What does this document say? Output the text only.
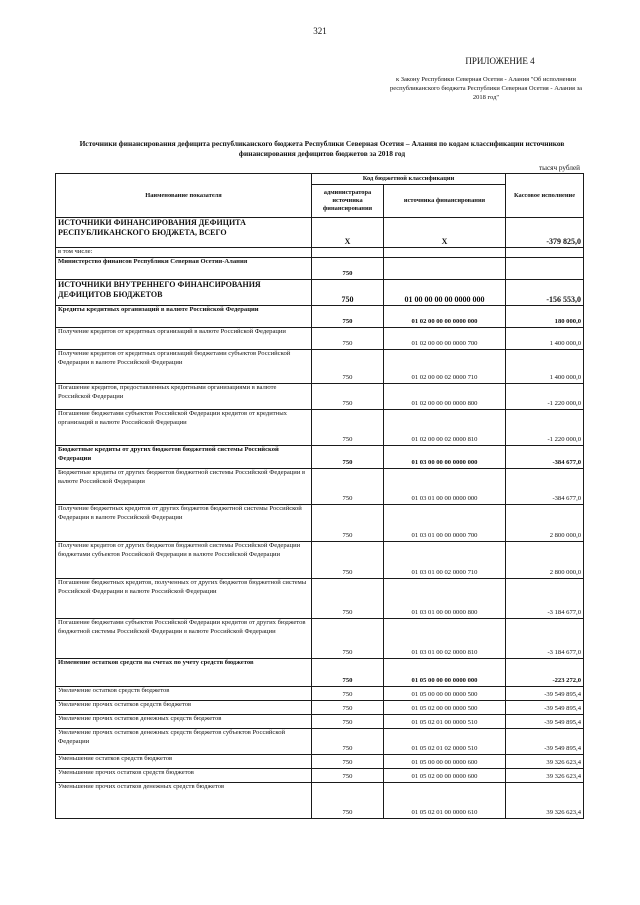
321
ПРИЛОЖЕНИЕ 4
к Закону Республики Северная Осетия - Алания "Об исполнении республиканского бюджета Республики Северная Осетия - Алания за 2018 год"
Источники финансирования дефицита республиканского бюджета Республики Северная Осетия – Алания по кодам классификации источников финансирования дефицитов бюджетов за 2018 год
тысяч рублей
Наименование показателя	Код бюджетной классификации		Кассовое исполнение
	администратора источника финансирования	источника финансирования	
ИСТОЧНИКИ ФИНАНСИРОВАНИЯ ДЕФИЦИТА РЕСПУБЛИКАНСКОГО БЮДЖЕТА, ВСЕГО	Х	Х	-379 825,0
в том числе:			
Министерство финансов Республики Северная Осетия-Алания	750		
ИСТОЧНИКИ ВНУТРЕННЕГО ФИНАНСИРОВАНИЯ ДЕФИЦИТОВ БЮДЖЕТОВ	750	01 00 00 00 00 0000 000	-156 553,0
Кредиты кредитных организаций в валюте Российской Федерации	750	01 02 00 00 00 0000 000	180 000,0
Получение кредитов от кредитных организаций в валюте Российской Федерации	750	01 02 00 00 00 0000 700	1 400 000,0
Получение кредитов от кредитных организаций бюджетами субъектов Российской Федерации в валюте Российской Федерации	750	01 02 00 00 02 0000 710	1 400 000,0
Погашение кредитов, предоставленных кредитными организациями в валюте Российской Федерации	750	01 02 00 00 00 0000 800	-1 220 000,0
Погашение бюджетами субъектов Российской Федерации кредитов от кредитных организаций в валюте Российской Федерации	750	01 02 00 00 02 0000 810	-1 220 000,0
Бюджетные кредиты от других бюджетов бюджетной системы Российской Федерации	750	01 03 00 00 00 0000 000	-384 677,0
Бюджетные кредиты от других бюджетов бюджетной системы Российской Федерации в валюте Российской Федерации	750	01 03 01 00 00 0000 000	-384 677,0
Получение бюджетных кредитов от других бюджетов бюджетной системы Российской Федерации в валюте Российской Федерации	750	01 03 01 00 00 0000 700	2 800 000,0
Получение кредитов от других бюджетов бюджетной системы Российской Федерации бюджетами субъектов Российской Федерации в валюте Российской Федерации	750	01 03 01 00 02 0000 710	2 800 000,0
Погашение бюджетных кредитов, полученных от других бюджетов бюджетной системы Российской Федерации в валюте Российской Федерации	750	01 03 01 00 00 0000 800	-3 184 677,0
Погашение бюджетами субъектов Российской Федерации кредитов от других бюджетов бюджетной системы Российской Федерации в валюте Российской Федерации	750	01 03 01 00 02 0000 810	-3 184 677,0
Изменение остатков средств на счетах по учету средств бюджетов	750	01 05 00 00 00 0000 000	-223 272,0
Увеличение остатков средств бюджетов	750	01 05 00 00 00 0000 500	-39 549 895,4
Увеличение прочих остатков средств бюджетов	750	01 05 02 00 00 0000 500	-39 549 895,4
Увеличение прочих остатков денежных средств бюджетов	750	01 05 02 01 00 0000 510	-39 549 895,4
Увеличение прочих остатков денежных средств бюджетов субъектов Российской Федерации	750	01 05 02 01 02 0000 510	-39 549 895,4
Уменьшение остатков средств бюджетов	750	01 05 00 00 00 0000 600	39 326 623,4
Уменьшение прочих остатков средств бюджетов	750	01 05 02 00 00 0000 600	39 326 623,4
Уменьшение прочих остатков денежных средств бюджетов	750	01 05 02 01 00 0000 610	39 326 623,4
